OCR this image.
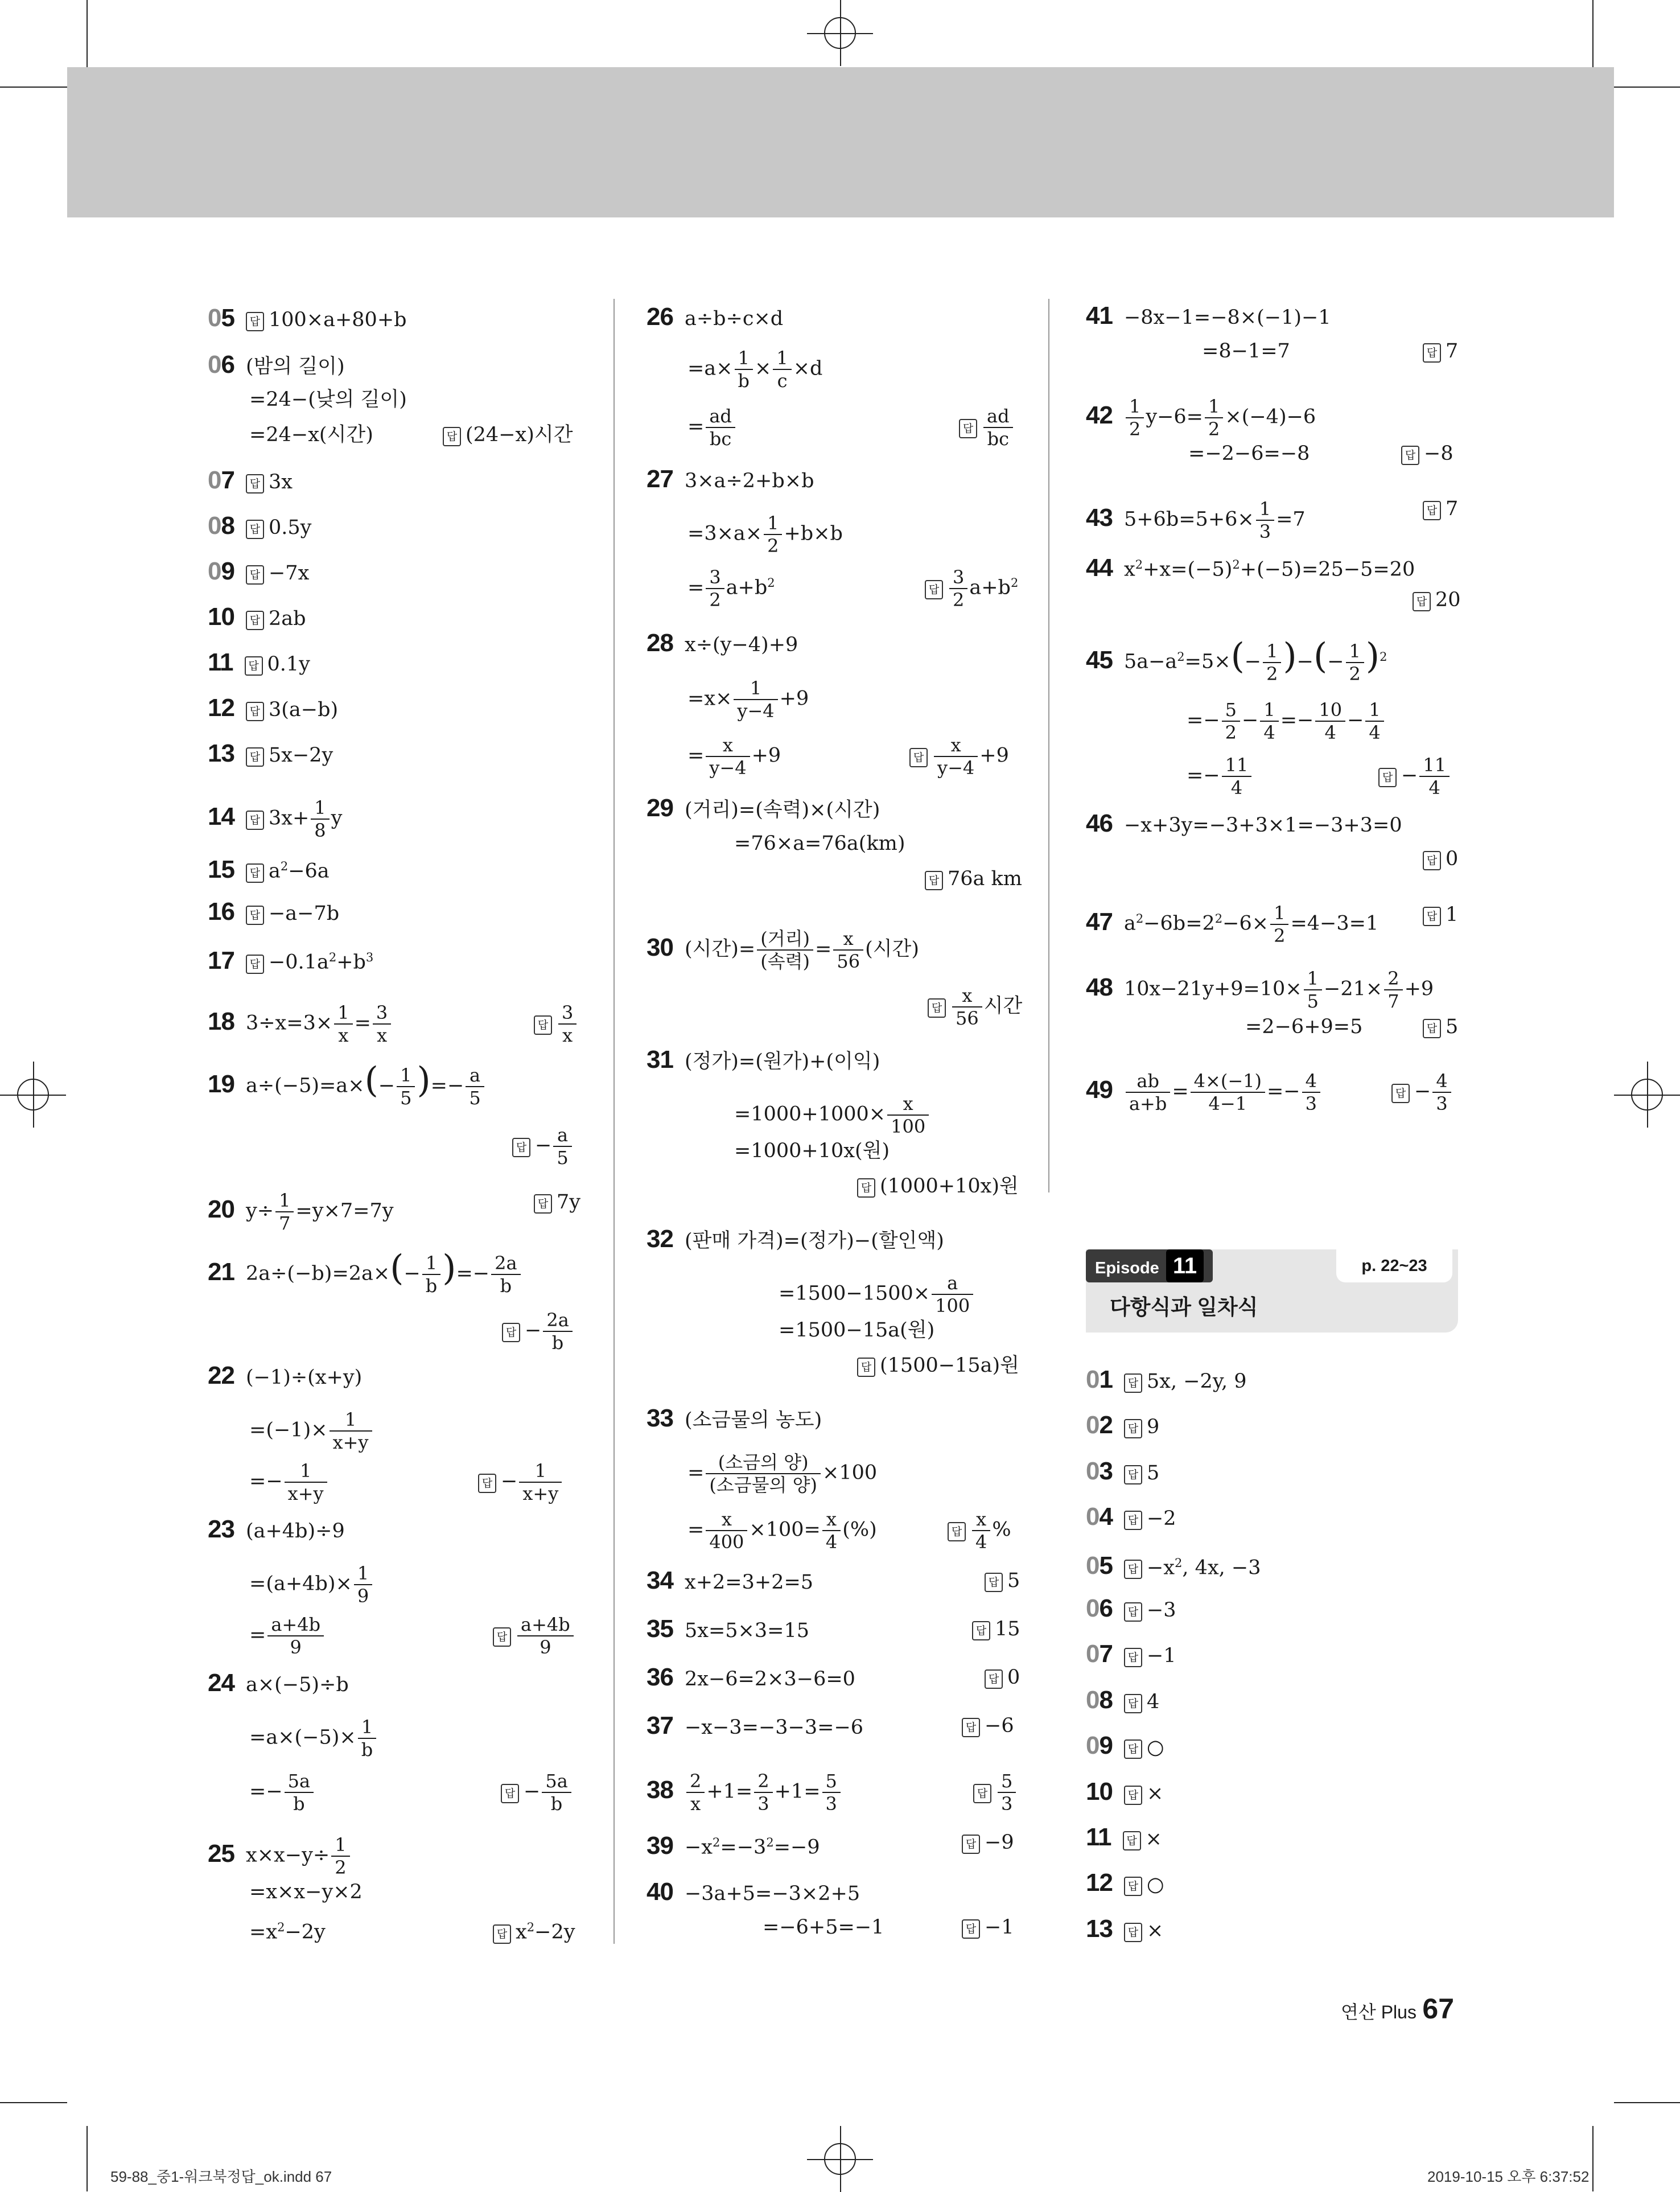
05 답 100×a+80+b
06 (밤의 길이)
=24−(낮의 길이)
=24−x(시간)	답 (24−x)시간
07 답 3x
08 답 0.5y
09 답 −7x
10 답 2ab
11 답 0.1y
12 답 3(a−b)
13 답 5x−2y
14 답 $3x+ \frac{1}{8}$ y
15 답 $a^2-6a$
16 답 −a−7b
17 답 $-0.1a^2+b^3$
18 $3\div x=3\times \frac{1}{x} = \frac{3}{x}$	답 $\frac{3}{x}$
19 $a\div(-5)=a\times(- \frac{1}{5}$ )=− $\frac{a}{5}$
답 − $\frac{a}{5}$
20 $y\div \frac{1}{7} =y\times 7=7y$	답 7y
21 $2a\div(-b)=2a\times(- \frac{1}{b}$ )=− $\frac{2a}{b}$
답 − $\frac{2a}{b}$
22 (−1)÷(x+y)
$=(-1)\times \frac{1}{x+y}$
=− $\frac{1}{x+y}$	답 − $\frac{1}{x+y}$
23 (a+4b)÷9
$=(a+4b)\times \frac{1}{9}$
= $\frac{a+4b}{9}$	답 $\frac{a+4b}{9}$
24 a×(−5)÷b
$=a\times(-5)\times \frac{1}{b}$
=− $\frac{5a}{b}$	답 − $\frac{5a}{b}$
25 $x\times x-y\div \frac{1}{2}$
=x×x−y×2
$=x^2-2y$	답 $x^2-2y$
26 a÷b÷c×d
$=a\times \frac{1}{b} \times \frac{1}{c} \times d$
= $\frac{ad}{bc}$	답 $\frac{ad}{bc}$
27 3×a÷2+b×b
$=3\times a\times \frac{1}{2} +b\times b$
= $\frac{3}{2} a+b^2$	답 $\frac{3}{2} a+b^2$
28 x÷(y−4)+9
$=x\times \frac{1}{y-4} +9$
= $\frac{x}{y-4} +9$	답 $\frac{x}{y-4} +9$
29 (거리)=(속력)×(시간)
=76×a=76a(km)
답 76a km
30 (시간)= $\frac{\text{(거리)}}{\text{(속력)}} = \frac{x}{56}$ (시간)
답 $\frac{x}{56}$ 시간
31 (정가)=(원가)+(이익)
$=1000+1000\times \frac{x}{100}$
=1000+10x(원)
답 (1000+10x)원
32 (판매 가격)=(정가)−(할인액)
$=1500-1500\times \frac{a}{100}$
=1500−15a(원)
답 (1500−15a)원
33 (소금물의 농도)
= $\frac{\text{(소금의 양)}}{\text{(소금물의 양)}} \times 100$
= $\frac{x}{400} \times 100= \frac{x}{4}$ (%)	답 $\frac{x}{4}$ %
34 x+2=3+2=5	답 5
35 5x=5×3=15	답 15
36 2x−6=2×3−6=0	답 0
37 −x−3=−3−3=−6	답 −6
$38 \frac{2}{x} +1= \frac{2}{3} +1= \frac{5}{3}$	답 $\frac{5}{3}$
$39 -x^2=-3^2=-9$	답 −9
40 −3a+5=−3×2+5
=−6+5=−1	답 −1
41 −8x−1=−8×(−1)−1
=8−1=7	답 7
$42 \frac{1}{2} y-6= \frac{1}{2} \times(-4)-6$
=−2−6=−8	답 −8
43 $5+6b=5+6\times \frac{1}{3} =7$	답 7
44 $x^2+x=(-5)^2+(-5)=25-5=20$
답 20
45 $5a-a^2=5\times(- \frac{1}{2}$ )−(− $\frac{1}{2} )^2$
=− $\frac{5}{2} - \frac{1}{4} =- \frac{10}{4} - \frac{1}{4}$
=− $\frac{11}{4}$	답 − $\frac{11}{4}$
46 −x+3y=−3+3×1=−3+3=0
답 0
47 $a^2-6b=2^2-6\times \frac{1}{2} =4-3=1$	답 1
48 $10x-21y+9=10\times \frac{1}{5} -21\times \frac{2}{7} +9$
=2−6+9=5	답 5
$49 \frac{ab}{a+b} = \frac{4\times(-1)}{4-1} =- \frac{4}{3}$	답 − $\frac{4}{3}$
Episode 11	p. 22~23
다항식과 일차식
01 답 5x, −2y, 9
02 답 9
03 답 5
04 답 −2
05 답 $-x^2$, 4x, −3
06 답 −3
07 답 −1
08 답 4
09 답 ○
10 답 ×
11 답 ×
12 답 ○
13 답 ×
연산 Plus 67
59-88_중1-워크북정답_ok.indd 67	2019-10-15 오후 6:37:52
